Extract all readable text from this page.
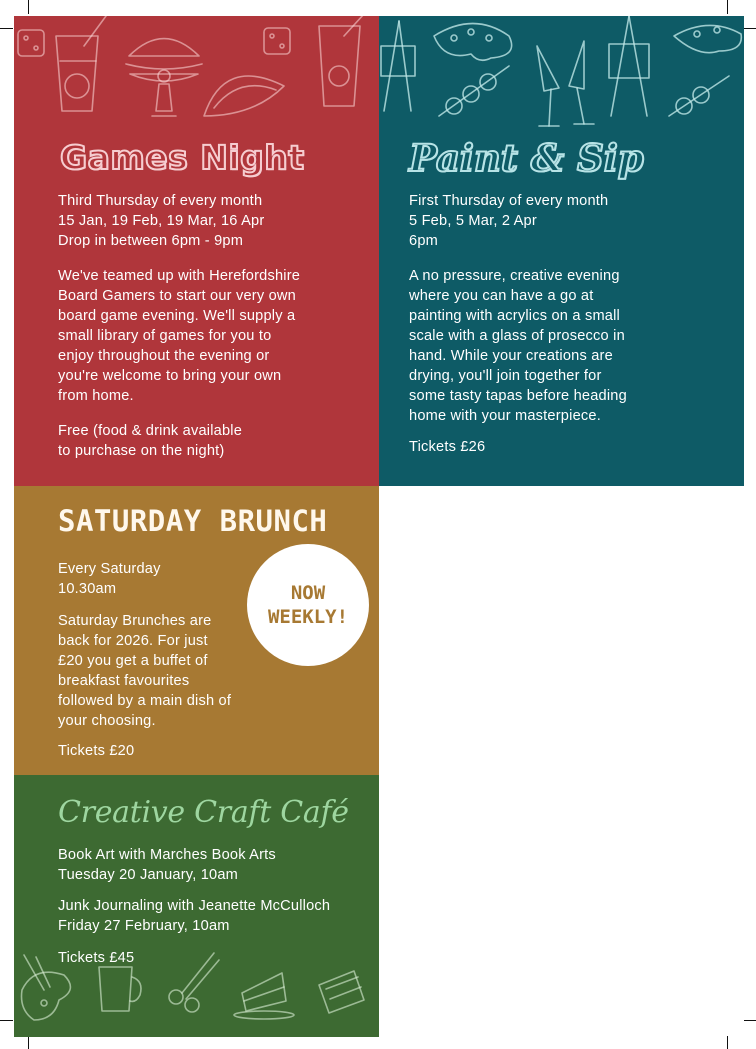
Games Night

Third Thursday of every month
15 Jan, 19 Feb, 19 Mar, 16 Apr
Drop in between 6pm - 9pm

We've teamed up with Herefordshire
Board Gamers to start our very own
board game evening. We'll supply a
small library of games for you to
enjoy throughout the evening or
you're welcome to bring your own
from home.

Free (food & drink available
to purchase on the night)

Paint & Sip

First Thursday of every month
5 Feb, 5 Mar, 2 Apr
6pm

A no pressure, creative evening
where you can have a go at
painting with acrylics on a small
scale with a glass of prosecco in
hand. While your creations are
drying, you'll join together for
some tasty tapas before heading
home with your masterpiece.

Tickets £26

SATURDAY BRUNCH

Every Saturday
10.30am

Saturday Brunches are
back for 2026. For just
£20 you get a buffet of
breakfast favourites
followed by a main dish of
your choosing.

Tickets £20

NOW
WEEKLY!
Creative Craft Café

Book Art with Marches Book Arts
Tuesday 20 January, 10am

Junk Journaling with Jeanette McCulloch
Friday 27 February, 10am

Tickets £45
